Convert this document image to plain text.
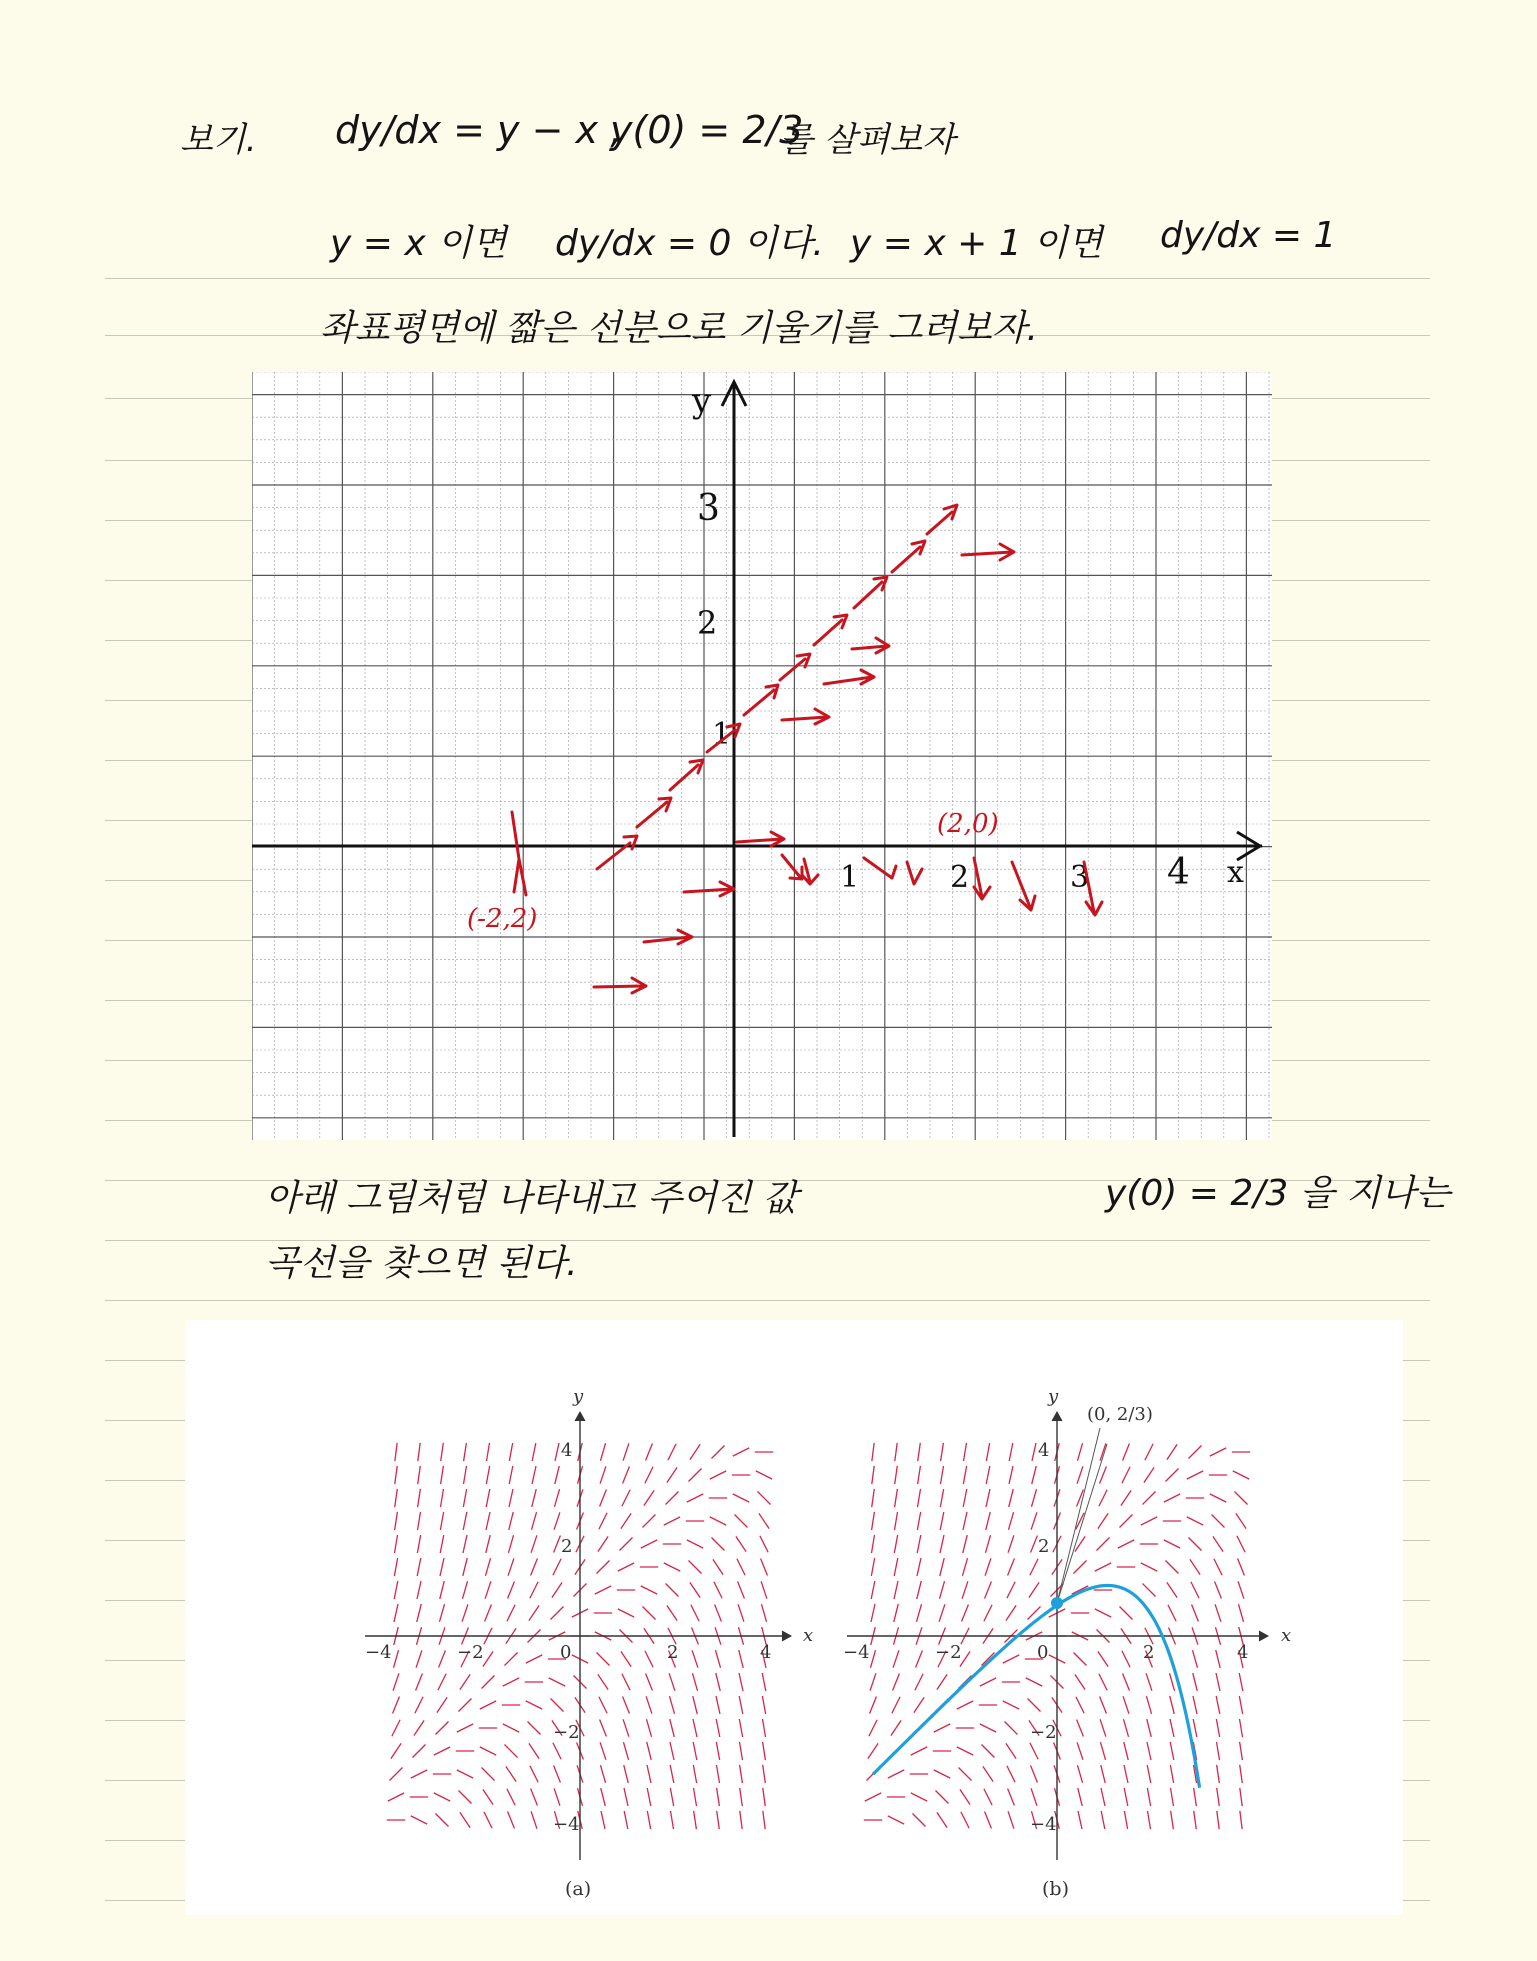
보기. dy/dx = y − x ,
y(0) = 2/3
를 살펴보자
y = x 이면 dy/dx = 0 이다. y = x + 1 이면 dy/dx = 1
좌표평면에 짧은 선분으로 기울기를 그려보자.
x
y
1	2	3 4
3
2
1
(-2,2)
(2,0)
아래 그림처럼 나타내고 주어진 값	y(0) = 2/3 을 지나는
곡선을 찾으면 된다.
x
y
−4	−2	0	2	4
4
2
−2
−4
(a)
x
y
−4	−2	0	2	4
4
2
−2
−4
(b)
(0, 2/3)
